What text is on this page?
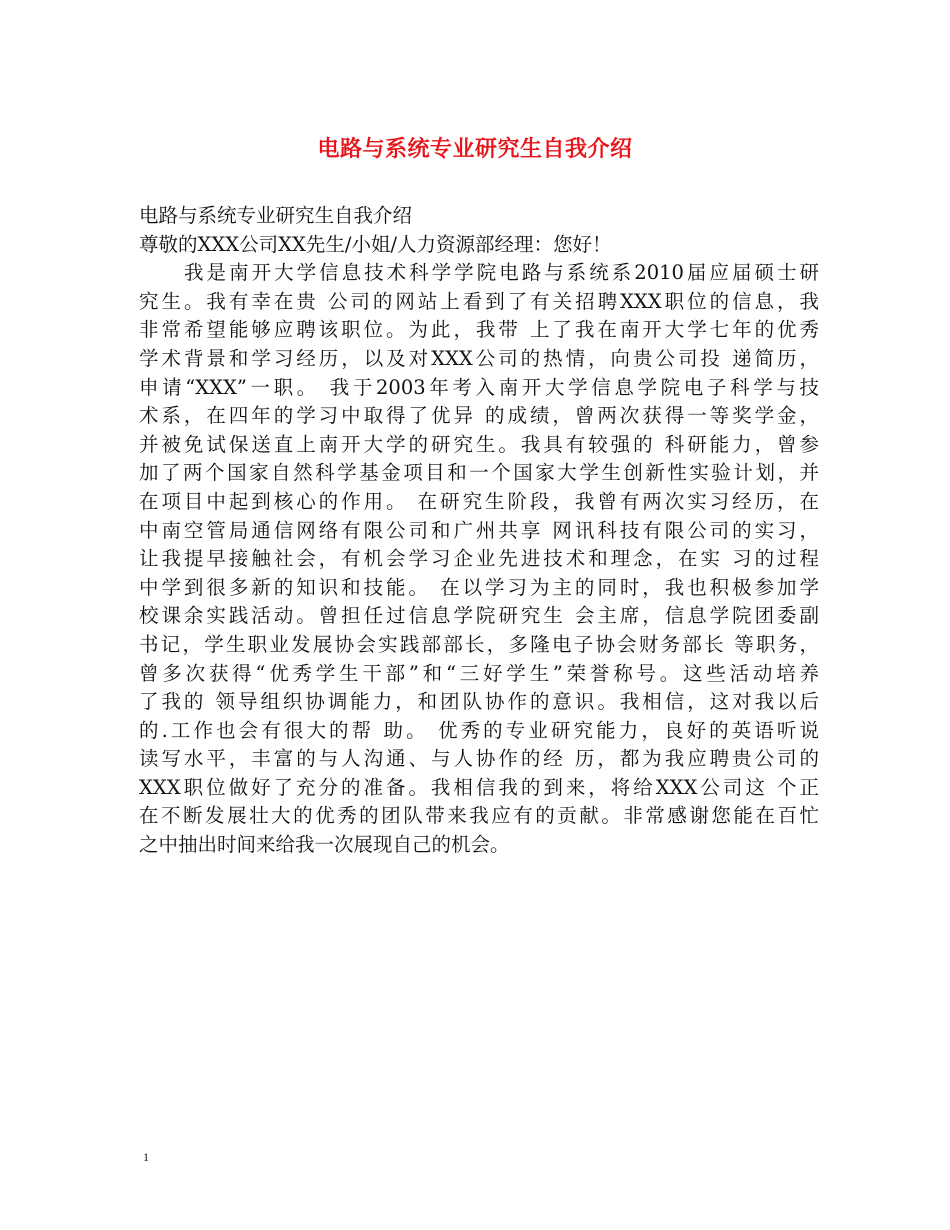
电路与系统专业研究生自我介绍
电路与系统专业研究生自我介绍
尊敬的XXX公司XX先生/小姐/人力资源部经理：您好！
　　我是南开大学信息技术科学学院电路与系统系2010届应届硕士研
究生。我有幸在贵 公司的网站上看到了有关招聘XXX职位的信息，我
非常希望能够应聘该职位。为此，我带 上了我在南开大学七年的优秀
学术背景和学习经历，以及对XXX公司的热情，向贵公司投 递简历，
申请“XXX”一职。 我于2003年考入南开大学信息学院电子科学与技
术系，在四年的学习中取得了优异 的成绩，曾两次获得一等奖学金，
并被免试保送直上南开大学的研究生。我具有较强的 科研能力，曾参
加了两个国家自然科学基金项目和一个国家大学生创新性实验计划，并
在项目中起到核心的作用。 在研究生阶段，我曾有两次实习经历，在
中南空管局通信网络有限公司和广州共享 网讯科技有限公司的实习，
让我提早接触社会，有机会学习企业先进技术和理念，在实 习的过程
中学到很多新的知识和技能。 在以学习为主的同时，我也积极参加学
校课余实践活动。曾担任过信息学院研究生 会主席，信息学院团委副
书记，学生职业发展协会实践部部长，多隆电子协会财务部长 等职务，
曾多次获得“优秀学生干部”和“三好学生”荣誉称号。这些活动培养
了我的 领导组织协调能力，和团队协作的意识。我相信，这对我以后
的.工作也会有很大的帮 助。 优秀的专业研究能力，良好的英语听说
读写水平，丰富的与人沟通、与人协作的经 历，都为我应聘贵公司的
XXX职位做好了充分的准备。我相信我的到来，将给XXX公司这 个正
在不断发展壮大的优秀的团队带来我应有的贡献。非常感谢您能在百忙
之中抽出时间来给我一次展现自己的机会。
1
